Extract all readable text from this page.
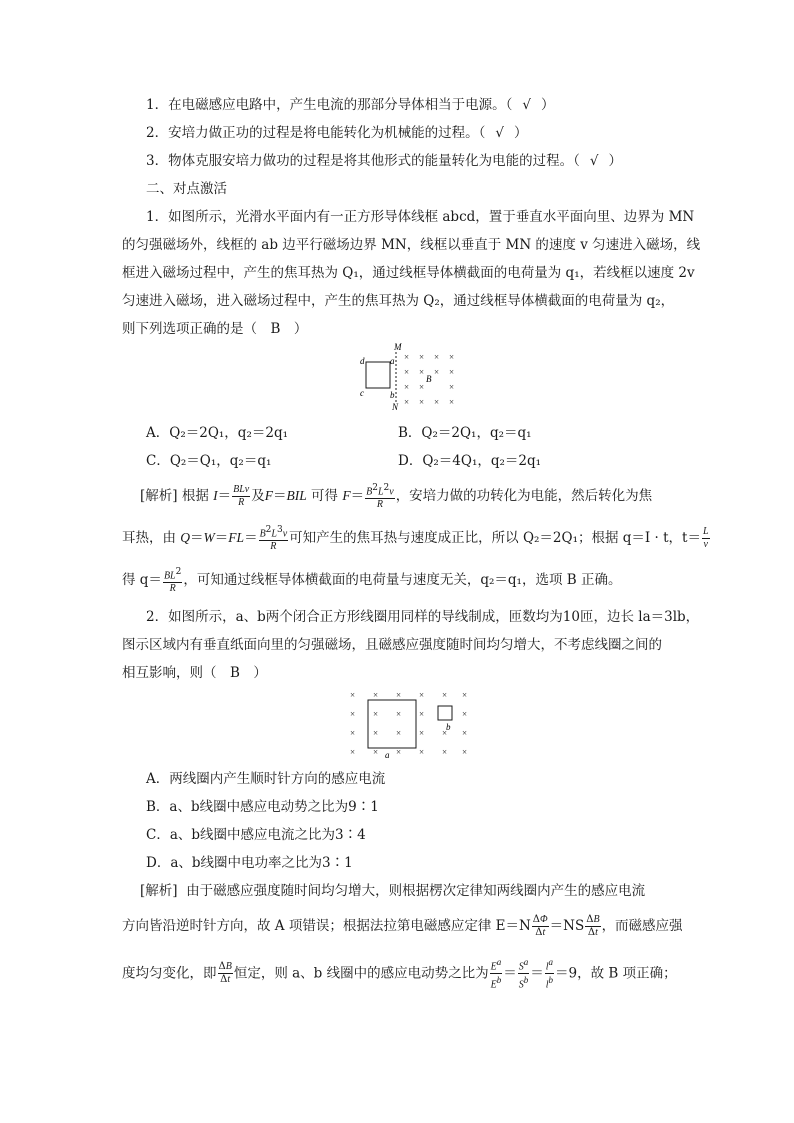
1．在电磁感应电路中，产生电流的那部分导体相当于电源。（ √ ）
2．安培力做正功的过程是将电能转化为机械能的过程。（ √ ）
3．物体克服安培力做功的过程是将其他形式的能量转化为电能的过程。（ √ ）
二、对点激活
1．如图所示，光滑水平面内有一正方形导体线框 abcd，置于垂直水平面向里、边界为 MN
的匀强磁场外，线框的 ab 边平行磁场边界 MN，线框以垂直于 MN 的速度 v 匀速进入磁场，线
框进入磁场过程中，产生的焦耳热为 Q₁，通过线框导体横截面的电荷量为 q₁，若线框以速度 2v
匀速进入磁场，进入磁场过程中，产生的焦耳热为 Q₂，通过线框导体横截面的电荷量为 q₂，
则下列选项正确的是（　B　）
d	a
c	b
M
N
B
× × × ×
× × × ×
× ×	×
× × × ×
A．Q₂＝2Q₁，q₂＝2q₁	B．Q₂＝2Q₁，q₂＝q₁
C．Q₂＝Q₁，q₂＝q₁	D．Q₂＝4Q₁，q₂＝2q₁
[解析] 根据 $I= \frac{\text{BLv}}{R}$ 及F＝BIL 可得 $F= \frac{B^2L^2v}{R}$ ，安培力做的功转化为电能，然后转化为焦
耳热，由 $Q=W=FL= \frac{B^2L^3v}{R}$ 可知产生的焦耳热与速度成正比，所以 Q₂＝2Q₁；根据 q＝I · t，$t= \frac{L}{v}$
得 $q= \frac{BL^2}{R}$ ，可知通过线框导体横截面的电荷量与速度无关，q₂＝q₁，选项 B 正确。
2．如图所示，a、b两个闭合正方形线圈用同样的导线制成，匝数均为10匝，边长 la＝3lb，
图示区域内有垂直纸面向里的匀强磁场，且磁感应强度随时间均匀增大，不考虑线圈之间的
相互影响，则（　B　）
× × × × × ×
×	×	×
×	× × ×
× × × × × ×
× ×
× ×
a
b
A．两线圈内产生顺时针方向的感应电流
B．a、b线圈中感应电动势之比为9∶1
C．a、b线圈中感应电流之比为3∶4
D．a、b线圈中电功率之比为3∶1
[解析] 由于磁感应强度随时间均匀增大，则根据楞次定律知两线圈内产生的感应电流
方向皆沿逆时针方向，故 A 项错误；根据法拉第电磁感应定律 $E=N \frac{\Delta\Phi}{\Delta t} =NS \frac{\Delta B}{\Delta t}$ ，而磁感应强
度均匀变化，即 $\frac{\Delta B}{\Delta t}$ 恒定，则 a、b 线圈中的感应电动势之比为 $\frac{E^a}{E^b} = \frac{S^a}{S^b} = \frac{l^a}{l^b} =9$，故 B 项正确；
